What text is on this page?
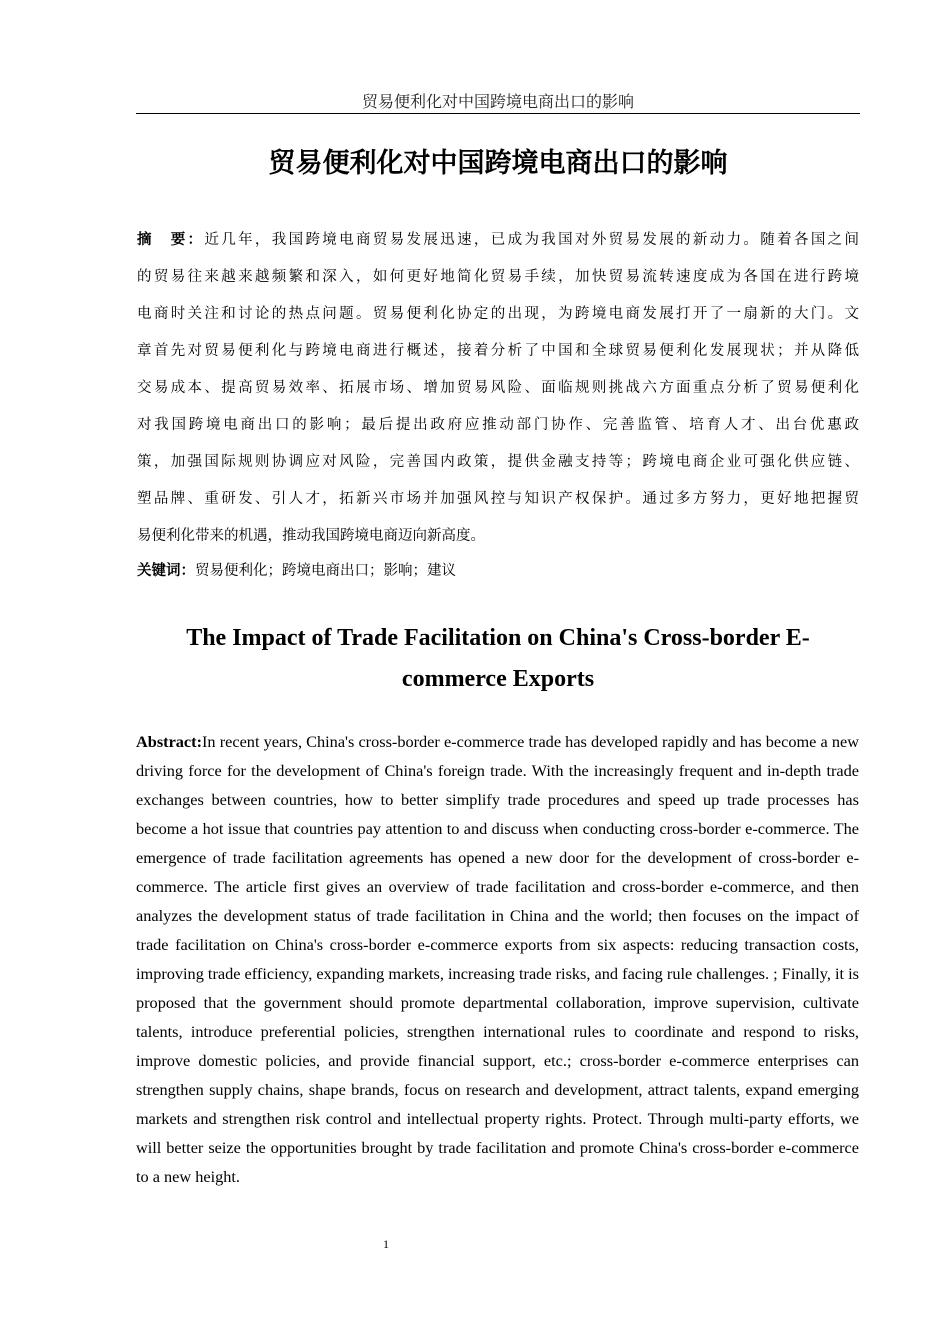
贸易便利化对中国跨境电商出口的影响
贸易便利化对中国跨境电商出口的影响
摘　要：近几年，我国跨境电商贸易发展迅速，已成为我国对外贸易发展的新动力。随着各国之间
的贸易往来越来越频繁和深入，如何更好地简化贸易手续，加快贸易流转速度成为各国在进行跨境
电商时关注和讨论的热点问题。贸易便利化协定的出现，为跨境电商发展打开了一扇新的大门。文
章首先对贸易便利化与跨境电商进行概述，接着分析了中国和全球贸易便利化发展现状；并从降低
交易成本、提高贸易效率、拓展市场、增加贸易风险、面临规则挑战六方面重点分析了贸易便利化
对我国跨境电商出口的影响；最后提出政府应推动部门协作、完善监管、培育人才、出台优惠政
策，加强国际规则协调应对风险，完善国内政策，提供金融支持等；跨境电商企业可强化供应链、
塑品牌、重研发、引人才，拓新兴市场并加强风控与知识产权保护。通过多方努力，更好地把握贸
易便利化带来的机遇，推动我国跨境电商迈向新高度。
关键词：贸易便利化；跨境电商出口；影响；建议
The Impact of Trade Facilitation on China's Cross-border E-
commerce Exports
Abstract:In recent years, China's cross-border e-commerce trade has developed rapidly and has become a new driving force for the development of China's foreign trade. With the increasingly frequent and in-depth trade exchanges between countries, how to better simplify trade procedures and speed up trade processes has become a hot issue that countries pay attention to and discuss when conducting cross-border e-commerce. The emergence of trade facilitation agreements has opened a new door for the development of cross-border e-commerce. The article first gives an overview of trade facilitation and cross-border e-commerce, and then analyzes the development status of trade facilitation in China and the world; then focuses on the impact of trade facilitation on China's cross-border e-commerce exports from six aspects: reducing transaction costs, improving trade efficiency, expanding markets, increasing trade risks, and facing rule challenges. ; Finally, it is proposed that the government should promote departmental collaboration, improve supervision, cultivate talents, introduce preferential policies, strengthen international rules to coordinate and respond to risks, improve domestic policies, and provide financial support, etc.; cross-border e-commerce enterprises can strengthen supply chains, shape brands, focus on research and development, attract talents, expand emerging markets and strengthen risk control and intellectual property rights. Protect. Through multi-party efforts, we will better seize the opportunities brought by trade facilitation and promote China's cross-border e-commerce to a new height.
1
